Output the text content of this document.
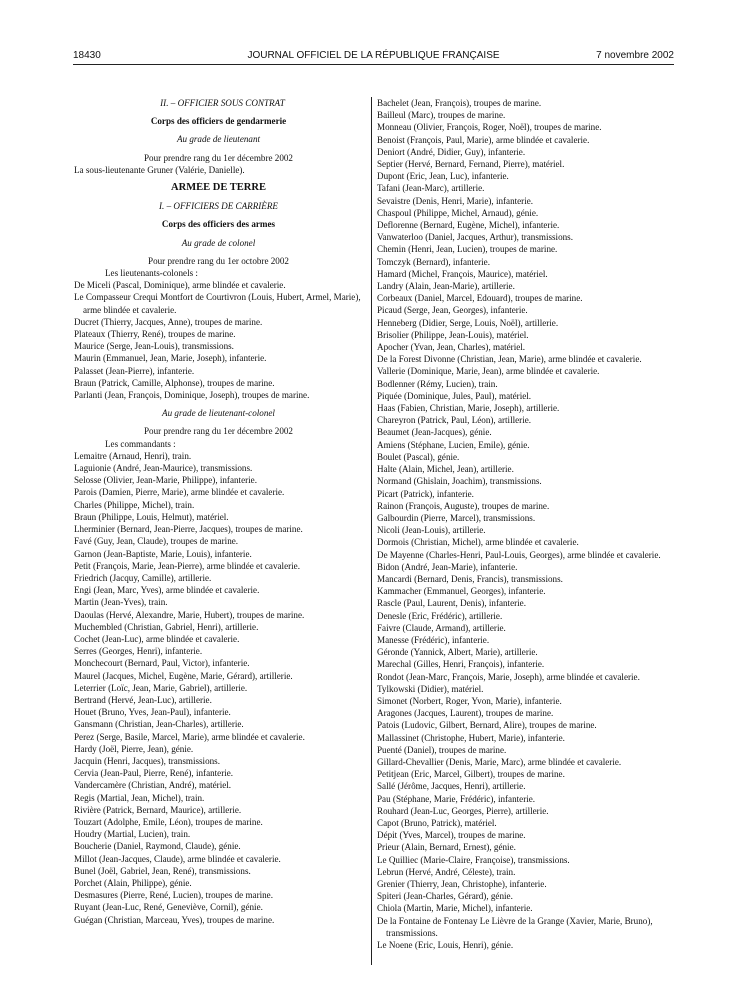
18430	JOURNAL OFFICIEL DE LA RÉPUBLIQUE FRANÇAISE	7 novembre 2002
II. – OFFICIER SOUS CONTRAT
Corps des officiers de gendarmerie
Au grade de lieutenant
Pour prendre rang du 1er décembre 2002
La sous-lieutenante Gruner (Valérie, Danielle).
ARMÉE DE TERRE
I. – OFFICIERS DE CARRIÈRE
Corps des officiers des armes
Au grade de colonel
Pour prendre rang du 1er octobre 2002
Les lieutenants-colonels :
De Miceli (Pascal, Dominique), arme blindée et cavalerie.
Le Compasseur Crequi Montfort de Courtivron (Louis, Hubert, Armel, Marie), arme blindée et cavalerie.
Ducret (Thierry, Jacques, Anne), troupes de marine.
Plateaux (Thierry, René), troupes de marine.
Maurice (Serge, Jean-Louis), transmissions.
Maurin (Emmanuel, Jean, Marie, Joseph), infanterie.
Palasset (Jean-Pierre), infanterie.
Braun (Patrick, Camille, Alphonse), troupes de marine.
Parlanti (Jean, François, Dominique, Joseph), troupes de marine.
Au grade de lieutenant-colonel
Pour prendre rang du 1er décembre 2002
Les commandants :
Lemaitre (Arnaud, Henri), train.
Laguionie (André, Jean-Maurice), transmissions.
Selosse (Olivier, Jean-Marie, Philippe), infanterie.
Parois (Damien, Pierre, Marie), arme blindée et cavalerie.
Charles (Philippe, Michel), train.
Braun (Philippe, Louis, Helmut), matériel.
Lherminier (Bernard, Jean-Pierre, Jacques), troupes de marine.
Favé (Guy, Jean, Claude), troupes de marine.
Garnon (Jean-Baptiste, Marie, Louis), infanterie.
Petit (François, Marie, Jean-Pierre), arme blindée et cavalerie.
Friedrich (Jacquy, Camille), artillerie.
Engi (Jean, Marc, Yves), arme blindée et cavalerie.
Martin (Jean-Yves), train.
Daoulas (Hervé, Alexandre, Marie, Hubert), troupes de marine.
Muchembled (Christian, Gabriel, Henri), artillerie.
Cochet (Jean-Luc), arme blindée et cavalerie.
Serres (Georges, Henri), infanterie.
Monchecourt (Bernard, Paul, Victor), infanterie.
Maurel (Jacques, Michel, Eugène, Marie, Gérard), artillerie.
Leterrier (Loïc, Jean, Marie, Gabriel), artillerie.
Bertrand (Hervé, Jean-Luc), artillerie.
Houet (Bruno, Yves, Jean-Paul), infanterie.
Gansmann (Christian, Jean-Charles), artillerie.
Perez (Serge, Basile, Marcel, Marie), arme blindée et cavalerie.
Hardy (Joël, Pierre, Jean), génie.
Jacquin (Henri, Jacques), transmissions.
Cervia (Jean-Paul, Pierre, René), infanterie.
Vandercamère (Christian, André), matériel.
Regis (Martial, Jean, Michel), train.
Rivière (Patrick, Bernard, Maurice), artillerie.
Touzart (Adolphe, Emile, Léon), troupes de marine.
Houdry (Martial, Lucien), train.
Boucherie (Daniel, Raymond, Claude), génie.
Millot (Jean-Jacques, Claude), arme blindée et cavalerie.
Bunel (Joël, Gabriel, Jean, René), transmissions.
Porchet (Alain, Philippe), génie.
Desmasures (Pierre, René, Lucien), troupes de marine.
Ruyant (Jean-Luc, René, Geneviève, Cornil), génie.
Guégan (Christian, Marceau, Yves), troupes de marine.
Bachelet (Jean, François), troupes de marine.
Bailleul (Marc), troupes de marine.
Monneau (Olivier, François, Roger, Noël), troupes de marine.
Benoist (François, Paul, Marie), arme blindée et cavalerie.
Deniort (André, Didier, Guy), infanterie.
Septier (Hervé, Bernard, Fernand, Pierre), matériel.
Dupont (Eric, Jean, Luc), infanterie.
Tafani (Jean-Marc), artillerie.
Sevaistre (Denis, Henri, Marie), infanterie.
Chaspoul (Philippe, Michel, Arnaud), génie.
Deflorenne (Bernard, Eugène, Michel), infanterie.
Vanwaterloo (Daniel, Jacques, Arthur), transmissions.
Chemin (Henri, Jean, Lucien), troupes de marine.
Tomczyk (Bernard), infanterie.
Hamard (Michel, François, Maurice), matériel.
Landry (Alain, Jean-Marie), artillerie.
Corbeaux (Daniel, Marcel, Edouard), troupes de marine.
Picaud (Serge, Jean, Georges), infanterie.
Henneberg (Didier, Serge, Louis, Noël), artillerie.
Brisolier (Philippe, Jean-Louis), matériel.
Apocher (Yvan, Jean, Charles), matériel.
De la Forest Divonne (Christian, Jean, Marie), arme blindée et cavalerie.
Vallerie (Dominique, Marie, Jean), arme blindée et cavalerie.
Bodlenner (Rémy, Lucien), train.
Piquée (Dominique, Jules, Paul), matériel.
Haas (Fabien, Christian, Marie, Joseph), artillerie.
Chareyron (Patrick, Paul, Léon), artillerie.
Beaumet (Jean-Jacques), génie.
Amiens (Stéphane, Lucien, Emile), génie.
Boulet (Pascal), génie.
Halte (Alain, Michel, Jean), artillerie.
Normand (Ghislain, Joachim), transmissions.
Picart (Patrick), infanterie.
Rainon (François, Auguste), troupes de marine.
Galbourdin (Pierre, Marcel), transmissions.
Nicoli (Jean-Louis), artillerie.
Dormois (Christian, Michel), arme blindée et cavalerie.
De Mayenne (Charles-Henri, Paul-Louis, Georges), arme blindée et cavalerie.
Bidon (André, Jean-Marie), infanterie.
Mancardi (Bernard, Denis, Francis), transmissions.
Kammacher (Emmanuel, Georges), infanterie.
Rascle (Paul, Laurent, Denis), infanterie.
Denesle (Eric, Frédéric), artillerie.
Faivre (Claude, Armand), artillerie.
Manesse (Frédéric), infanterie.
Géronde (Yannick, Albert, Marie), artillerie.
Marechal (Gilles, Henri, François), infanterie.
Rondot (Jean-Marc, François, Marie, Joseph), arme blindée et cavalerie.
Tylkowski (Didier), matériel.
Simonet (Norbert, Roger, Yvon, Marie), infanterie.
Aragones (Jacques, Laurent), troupes de marine.
Patois (Ludovic, Gilbert, Bernard, Alire), troupes de marine.
Mallassinet (Christophe, Hubert, Marie), infanterie.
Puenté (Daniel), troupes de marine.
Gillard-Chevallier (Denis, Marie, Marc), arme blindée et cavalerie.
Petitjean (Eric, Marcel, Gilbert), troupes de marine.
Sallé (Jérôme, Jacques, Henri), artillerie.
Pau (Stéphane, Marie, Frédéric), infanterie.
Rouhard (Jean-Luc, Georges, Pierre), artillerie.
Capot (Bruno, Patrick), matériel.
Dépit (Yves, Marcel), troupes de marine.
Prieur (Alain, Bernard, Ernest), génie.
Le Quilliec (Marie-Claire, Françoise), transmissions.
Lebrun (Hervé, André, Céleste), train.
Grenier (Thierry, Jean, Christophe), infanterie.
Spiteri (Jean-Charles, Gérard), génie.
Chiola (Martin, Marie, Michel), infanterie.
De la Fontaine de Fontenay Le Lièvre de la Grange (Xavier, Marie, Bruno), transmissions.
Le Noene (Eric, Louis, Henri), génie.
